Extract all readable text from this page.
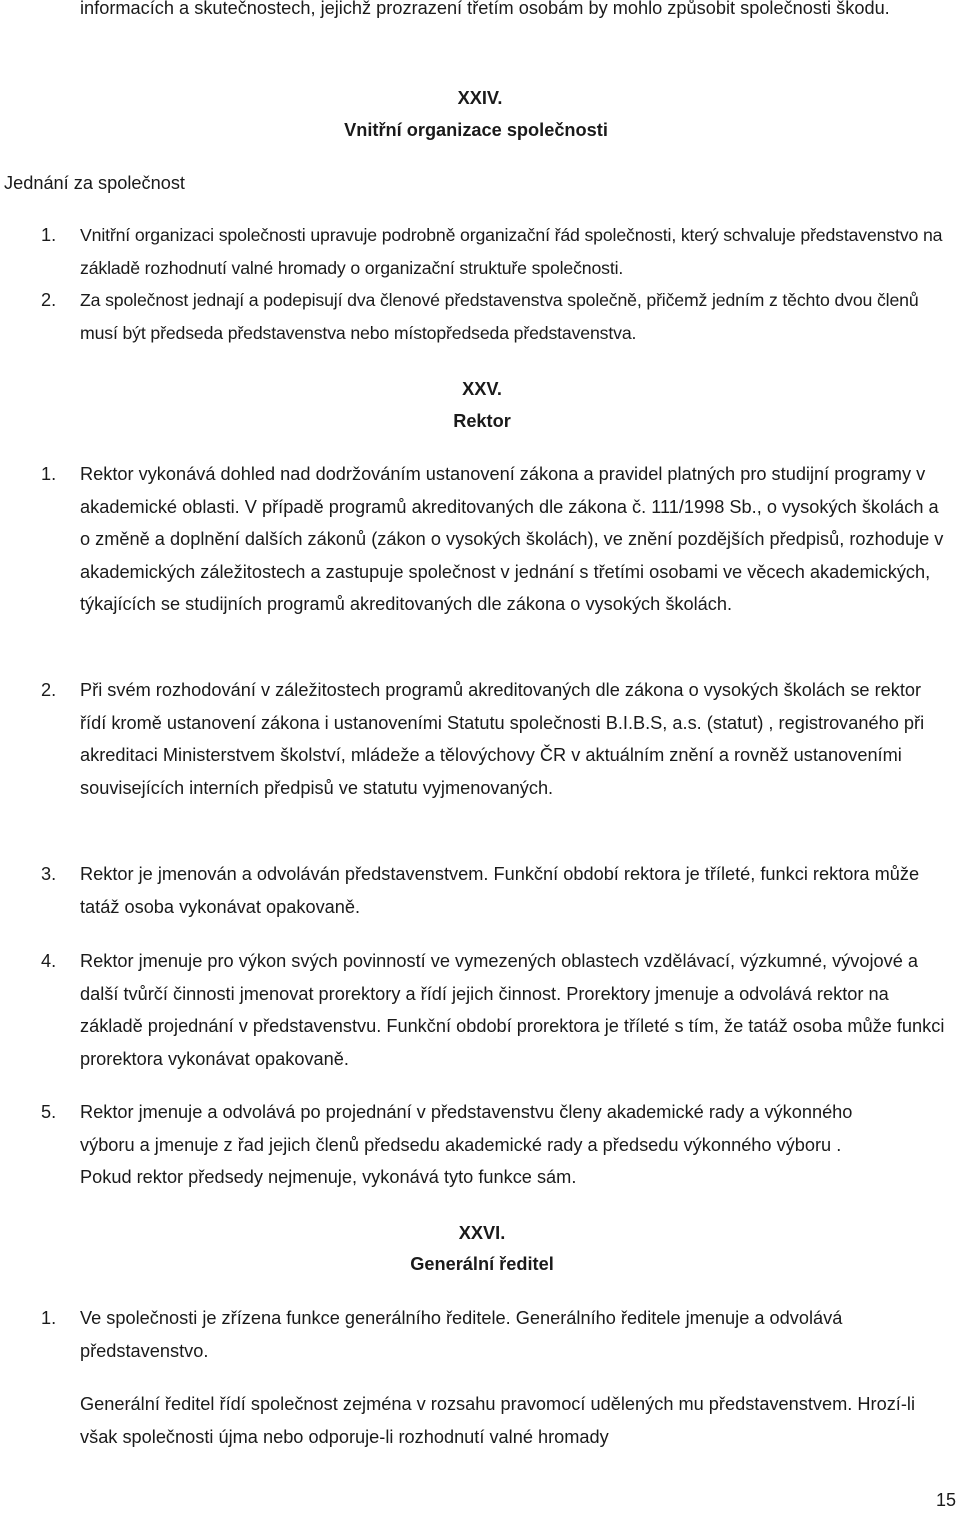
informacích a skutečnostech, jejichž prozrazení třetím osobám by mohlo způsobit společnosti škodu.

XXIV.
Vnitřní organizace společnosti
Jednání za společnost
1.	Vnitřní organizaci společnosti upravuje podrobně organizační řád společnosti, který schvaluje představenstvo na základě rozhodnutí valné hromady o organizační struktuře společnosti.

2.	Za společnost jednají a podepisují dva členové představenstva společně, přičemž jedním z těchto dvou členů musí být předseda představenstva nebo místopředseda představenstva.

XXV.
Rektor
1.	Rektor vykonává dohled nad dodržováním ustanovení zákona a pravidel platných pro studijní programy v akademické oblasti. V případě programů akreditovaných dle zákona č. 111/1998 Sb., o vysokých školách a o změně a doplnění dalších zákonů (zákon o vysokých školách), ve znění pozdějších předpisů, rozhoduje v akademických záležitostech a zastupuje společnost v jednání s třetími osobami ve věcech akademických, týkajících se studijních programů akreditovaných dle zákona o vysokých školách.

2.	Při svém rozhodování v záležitostech programů akreditovaných dle zákona o vysokých školách se rektor řídí kromě ustanovení zákona i ustanoveními Statutu společnosti B.I.B.S, a.s. (statut) , registrovaného při akreditaci Ministerstvem školství, mládeže a tělovýchovy ČR v aktuálním znění a rovněž ustanoveními souvisejících interních předpisů ve statutu vyjmenovaných.

3.	Rektor je jmenován a odvoláván představenstvem. Funkční období rektora je tříleté, funkci rektora může tatáž osoba vykonávat opakovaně.

4.	Rektor jmenuje pro výkon svých povinností ve vymezených oblastech vzdělávací, výzkumné, vývojové a další tvůrčí činnosti jmenovat prorektory a řídí jejich činnost. Prorektory jmenuje a odvolává rektor na základě projednání v představenstvu. Funkční období prorektora je tříleté s tím, že tatáž osoba může funkci prorektora vykonávat opakovaně.

5.	Rektor jmenuje a odvolává po projednání v představenstvu členy akademické rady a výkonného výboru a jmenuje z řad jejich členů předsedu akademické rady a předsedu výkonného výboru . Pokud rektor předsedy nejmenuje, vykonává tyto funkce sám.

XXVI.
Generální ředitel
1.	Ve společnosti je zřízena funkce generálního ředitele. Generálního ředitele jmenuje a odvolává představenstvo.

Generální ředitel řídí společnost zejména v rozsahu pravomocí udělených mu představenstvem. Hrozí-li však společnosti újma nebo odporuje-li rozhodnutí valné hromady

15
